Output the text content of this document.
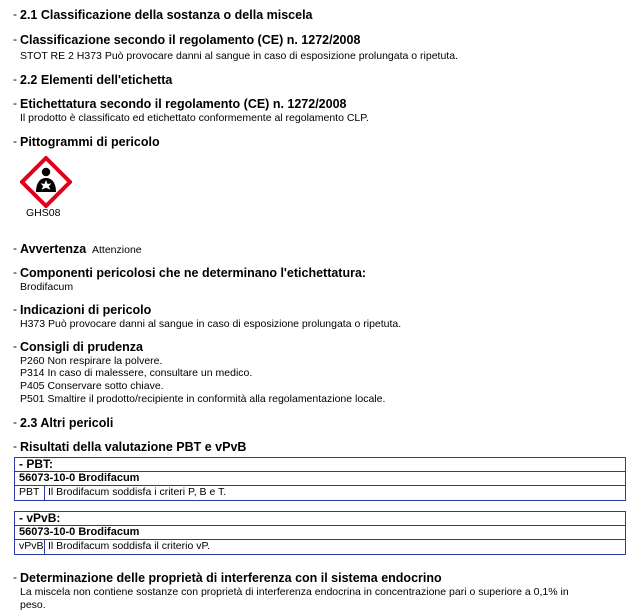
- 2.1 Classificazione della sostanza o della miscela
- Classificazione secondo il regolamento (CE) n. 1272/2008
STOT RE 2 H373 Può provocare danni al sangue in caso di esposizione prolungata o ripetuta.
- 2.2 Elementi dell'etichetta
- Etichettatura secondo il regolamento (CE) n. 1272/2008
Il prodotto è classificato ed etichettato conformemente al regolamento CLP.
- Pittogrammi di pericolo
GHS08
- Avvertenza Attenzione
- Componenti pericolosi che ne determinano l'etichettatura:
Brodifacum
- Indicazioni di pericolo
H373 Può provocare danni al sangue in caso di esposizione prolungata o ripetuta.
- Consigli di prudenza
P260 Non respirare la polvere.
P314 In caso di malessere, consultare un medico.
P405 Conservare sotto chiave.
P501 Smaltire il prodotto/recipiente in conformità alla regolamentazione locale.
- 2.3 Altri pericoli
- Risultati della valutazione PBT e vPvB
- PBT:
56073-10-0 Brodifacum
PBT Il Brodifacum soddisfa i criteri P, B e T.
- vPvB:
56073-10-0 Brodifacum
vPvB Il Brodifacum soddisfa il criterio vP.
- Determinazione delle proprietà di interferenza con il sistema endocrino
La miscela non contiene sostanze con proprietà di interferenza endocrina in concentrazione pari o superiore a 0,1% in
peso.
